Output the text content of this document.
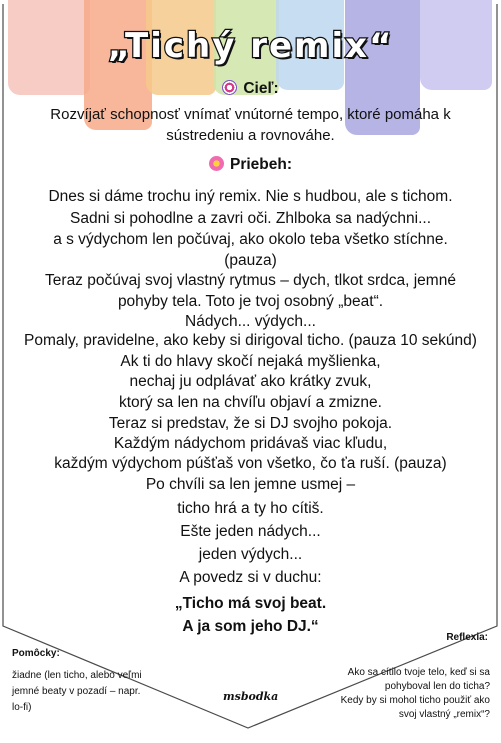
„Tichý remix“
Cieľ:
Rozvíjať schopnosť vnímať vnútorné tempo, ktoré pomáha k
sústredeniu a rovnováhe.
Priebeh:
Dnes si dáme trochu iný remix. Nie s hudbou, ale s tichom.
Sadni si pohodlne a zavri oči. Zhlboka sa nadýchni...
a s výdychom len počúvaj, ako okolo teba všetko stíchne.
(pauza)
Teraz počúvaj svoj vlastný rytmus – dych, tlkot srdca, jemné
pohyby tela. Toto je tvoj osobný „beat“.
Nádych... výdych...
Pomaly, pravidelne, ako keby si dirigoval ticho. (pauza 10 sekúnd)
Ak ti do hlavy skočí nejaká myšlienka,
nechaj ju odplávať ako krátky zvuk,
ktorý sa len na chvíľu objaví a zmizne.
Teraz si predstav, že si DJ svojho pokoja.
Každým nádychom pridávaš viac kľudu,
každým výdychom púšťaš von všetko, čo ťa ruší. (pauza)
Po chvíli sa len jemne usmej –
ticho hrá a ty ho cítiš.
Ešte jeden nádych...
jeden výdych...
A povedz si v duchu:
„Ticho má svoj beat.
A ja som jeho DJ.“
Pomôcky:
žiadne (len ticho, alebo veľmi
jemné beaty v pozadí – napr.
lo-fi)
Reflexia:
Ako sa cítilo tvoje telo, keď si sa
pohyboval len do ticha?
Kedy by si mohol ticho použiť ako
svoj vlastný „remix“?
msbodka
